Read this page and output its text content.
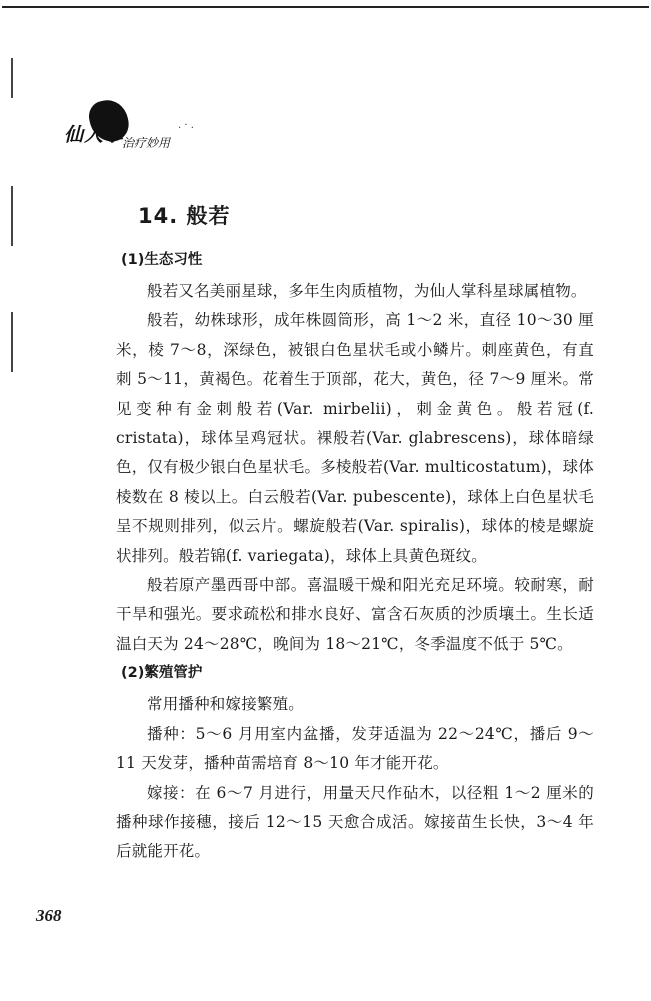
仙人掌
治疗妙用
. · .
14. 般若
(1)生态习性

般若又名美丽星球，多年生肉质植物，为仙人掌科星球属植物。

般若，幼株球形，成年株圆筒形，高 1～2 米，直径 10～30 厘米，棱 7～8，深绿色，被银白色星状毛或小鳞片。刺座黄色，有直刺 5～11，黄褐色。花着生于顶部，花大，黄色，径 7～9 厘米。常见变种有金刺般若(Var. mirbelii)，刺金黄色。般若冠(f. cristata)，球体呈鸡冠状。裸般若(Var. glabrescens)，球体暗绿色，仅有极少银白色星状毛。多棱般若(Var. multicostatum)，球体棱数在 8 棱以上。白云般若(Var. pubescente)，球体上白色星状毛呈不规则排列，似云片。螺旋般若(Var. spiralis)，球体的棱是螺旋状排列。般若锦(f. variegata)，球体上具黄色斑纹。

般若原产墨西哥中部。喜温暖干燥和阳光充足环境。较耐寒，耐干旱和强光。要求疏松和排水良好、富含石灰质的沙质壤土。生长适温白天为 24～28℃，晚间为 18～21℃，冬季温度不低于 5℃。

(2)繁殖管护

常用播种和嫁接繁殖。

播种：5～6 月用室内盆播，发芽适温为 22～24℃，播后 9～11 天发芽，播种苗需培育 8～10 年才能开花。

嫁接：在 6～7 月进行，用量天尺作砧木，以径粗 1～2 厘米的播种球作接穗，接后 12～15 天愈合成活。嫁接苗生长快，3～4 年后就能开花。

368
